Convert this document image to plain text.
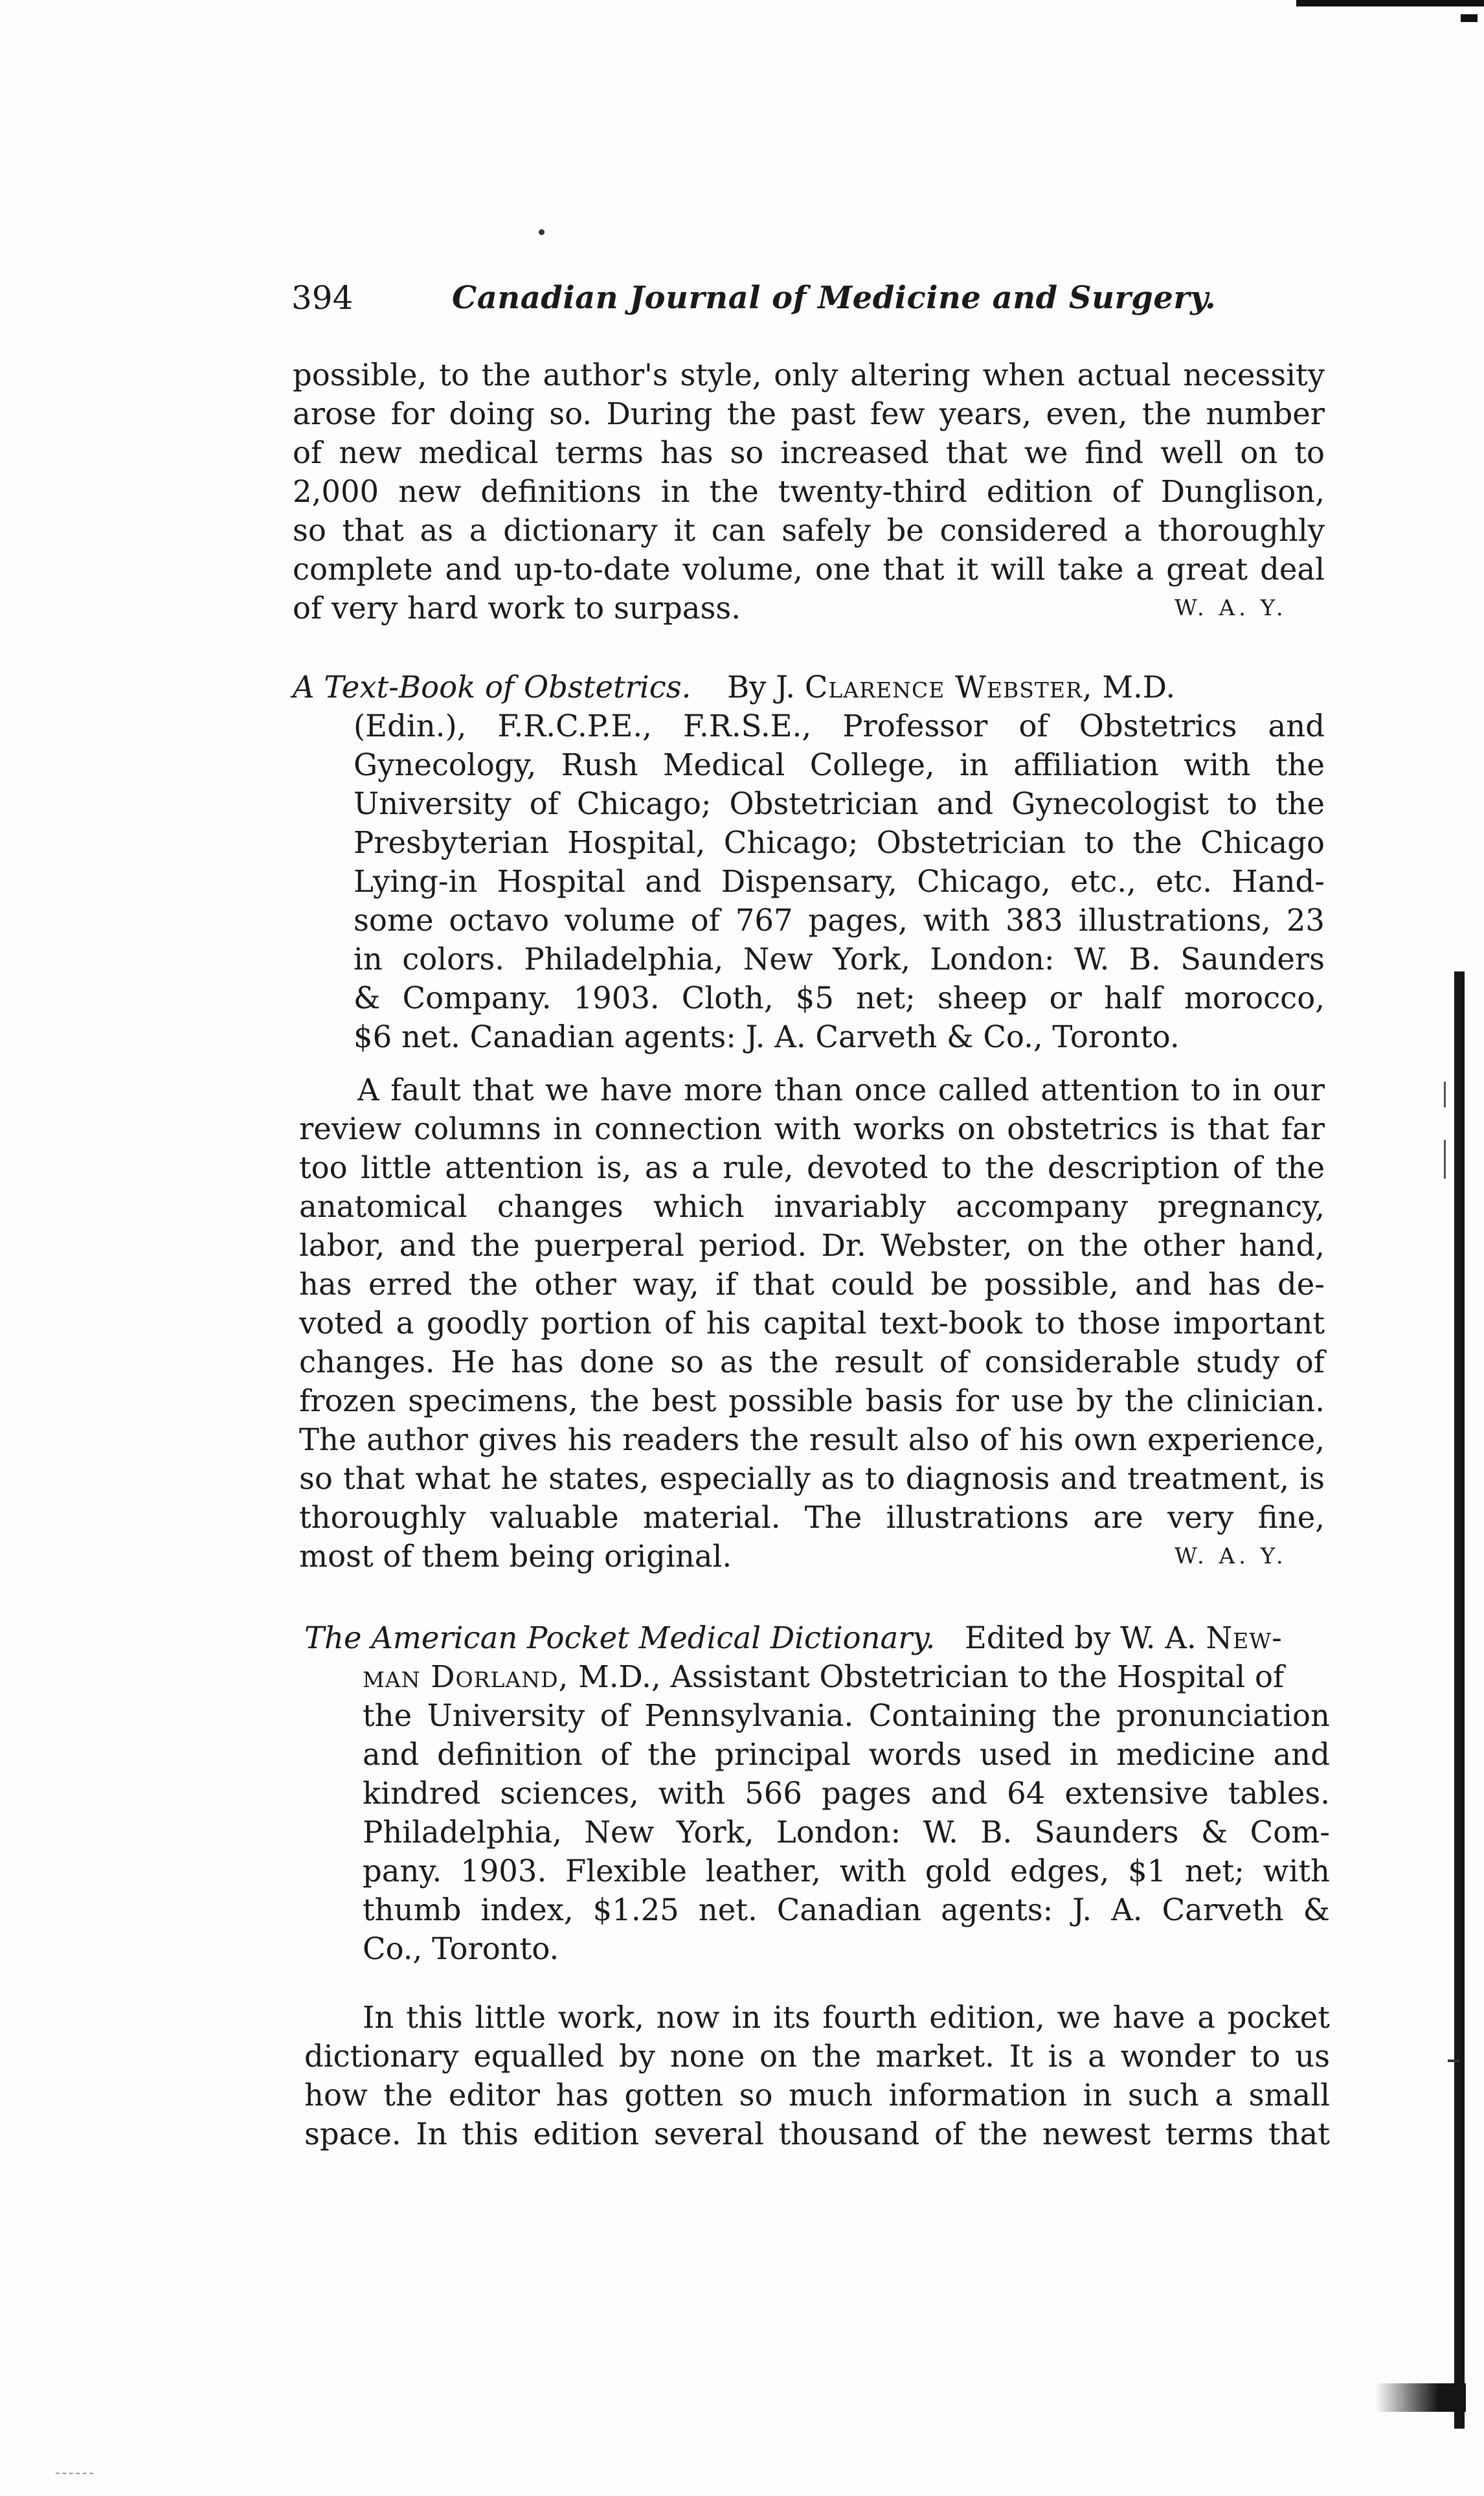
394	Canadian Journal of Medicine and Surgery.
possible, to the author's style, only altering when actual necessity
arose for doing so. During the past few years, even, the number
of new medical terms has so increased that we find well on to
2,000 new definitions in the twenty-third edition of Dunglison,
so that as a dictionary it can safely be considered a thoroughly
complete and up-to-date volume, one that it will take a great deal
of very hard work to surpass.	W. A. Y.
A Text-Book of Obstetrics. By J. Clarence Webster, M.D.
(Edin.), F.R.C.P.E., F.R.S.E., Professor of Obstetrics and
Gynecology, Rush Medical College, in affiliation with the
University of Chicago; Obstetrician and Gynecologist to the
Presbyterian Hospital, Chicago; Obstetrician to the Chicago
Lying-in Hospital and Dispensary, Chicago, etc., etc. Hand-
some octavo volume of 767 pages, with 383 illustrations, 23
in colors. Philadelphia, New York, London: W. B. Saunders
& Company. 1903. Cloth, $5 net; sheep or half morocco,
$6 net. Canadian agents: J. A. Carveth & Co., Toronto.
A fault that we have more than once called attention to in our
review columns in connection with works on obstetrics is that far
too little attention is, as a rule, devoted to the description of the
anatomical changes which invariably accompany pregnancy,
labor, and the puerperal period. Dr. Webster, on the other hand,
has erred the other way, if that could be possible, and has de-
voted a goodly portion of his capital text-book to those important
changes. He has done so as the result of considerable study of
frozen specimens, the best possible basis for use by the clinician.
The author gives his readers the result also of his own experience,
so that what he states, especially as to diagnosis and treatment, is
thoroughly valuable material. The illustrations are very fine,
most of them being original.	W. A. Y.
The American Pocket Medical Dictionary. Edited by W. A. New-
man Dorland, M.D., Assistant Obstetrician to the Hospital of
the University of Pennsylvania. Containing the pronunciation
and definition of the principal words used in medicine and
kindred sciences, with 566 pages and 64 extensive tables.
Philadelphia, New York, London: W. B. Saunders & Com-
pany. 1903. Flexible leather, with gold edges, $1 net; with
thumb index, $1.25 net. Canadian agents: J. A. Carveth &
Co., Toronto.
In this little work, now in its fourth edition, we have a pocket
dictionary equalled by none on the market. It is a wonder to us
how the editor has gotten so much information in such a small
space. In this edition several thousand of the newest terms that
